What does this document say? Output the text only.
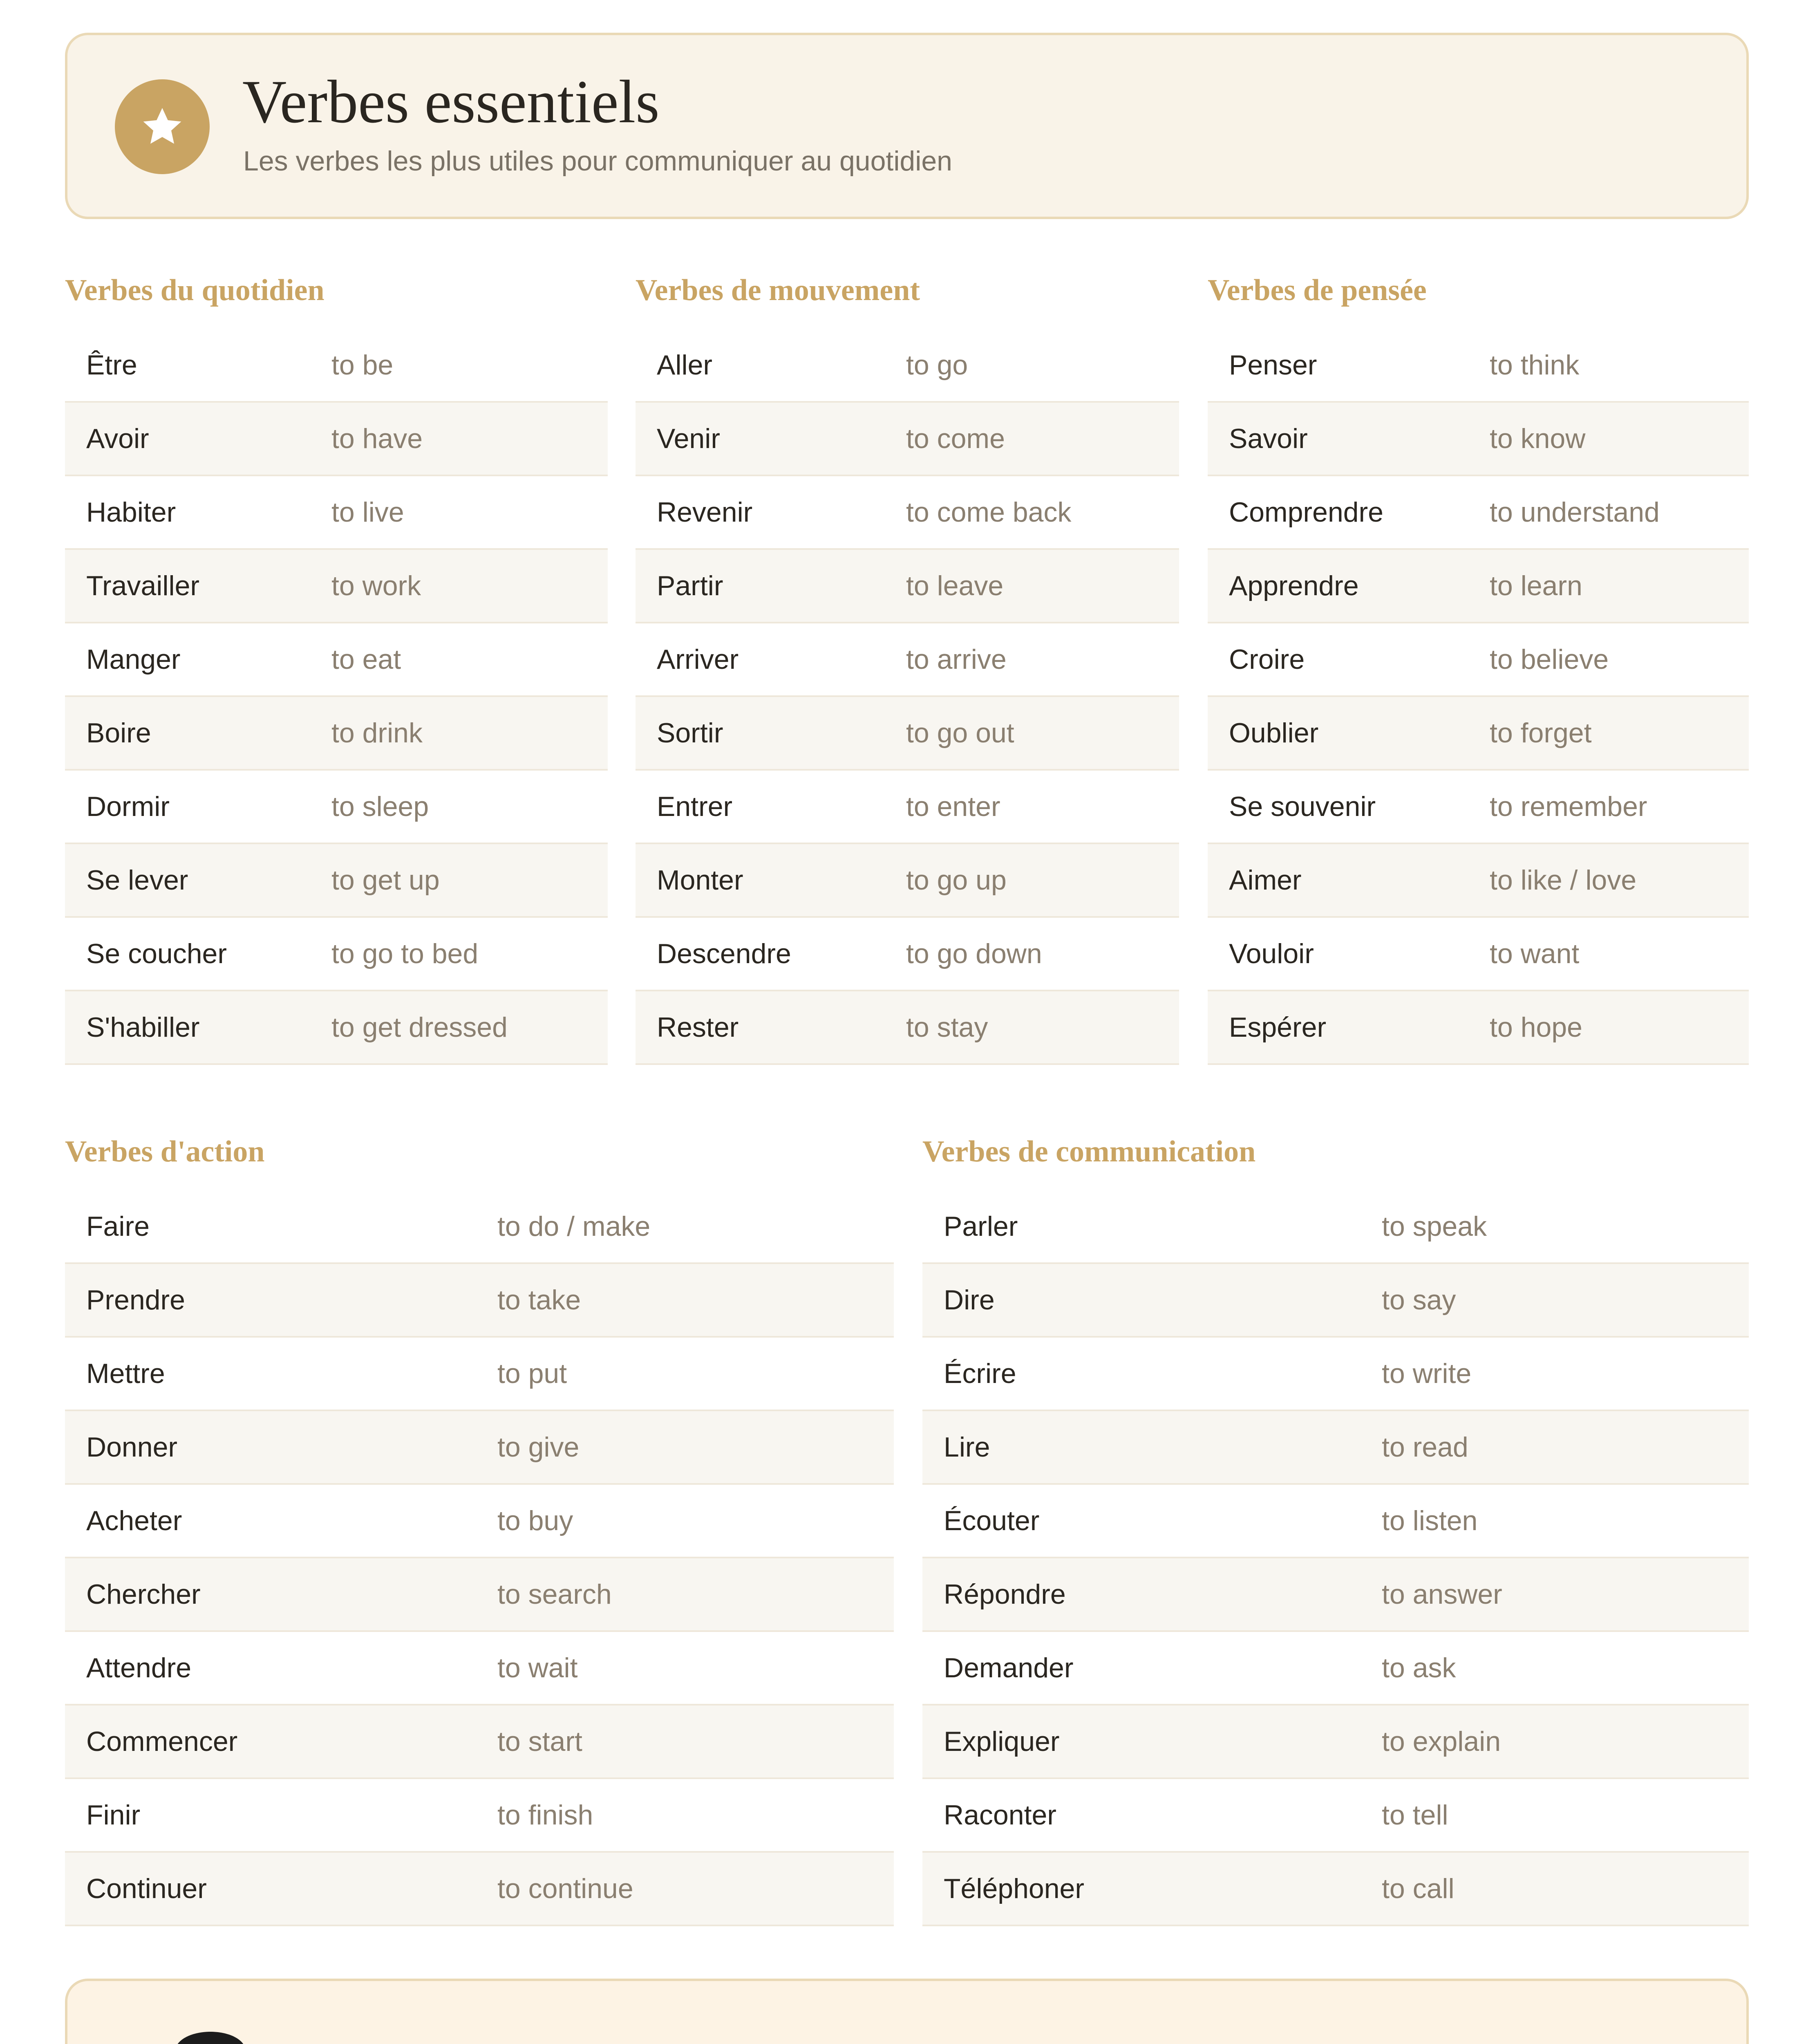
Verbes essentiels
Les verbes les plus utiles pour communiquer au quotidien
Verbes du quotidien
Être	to be
Avoir	to have
Habiter	to live
Travailler	to work
Manger	to eat
Boire	to drink
Dormir	to sleep
Se lever	to get up
Se coucher	to go to bed
S'habiller	to get dressed
Verbes de mouvement
Aller	to go
Venir	to come
Revenir	to come back
Partir	to leave
Arriver	to arrive
Sortir	to go out
Entrer	to enter
Monter	to go up
Descendre	to go down
Rester	to stay
Verbes de pensée
Penser	to think
Savoir	to know
Comprendre	to understand
Apprendre	to learn
Croire	to believe
Oublier	to forget
Se souvenir	to remember
Aimer	to like / love
Vouloir	to want
Espérer	to hope
Verbes d'action
Faire	to do / make
Prendre	to take
Mettre	to put
Donner	to give
Acheter	to buy
Chercher	to search
Attendre	to wait
Commencer	to start
Finir	to finish
Continuer	to continue
Verbes de communication
Parler	to speak
Dire	to say
Écrire	to write
Lire	to read
Écouter	to listen
Répondre	to answer
Demander	to ask
Expliquer	to explain
Raconter	to tell
Téléphoner	to call
